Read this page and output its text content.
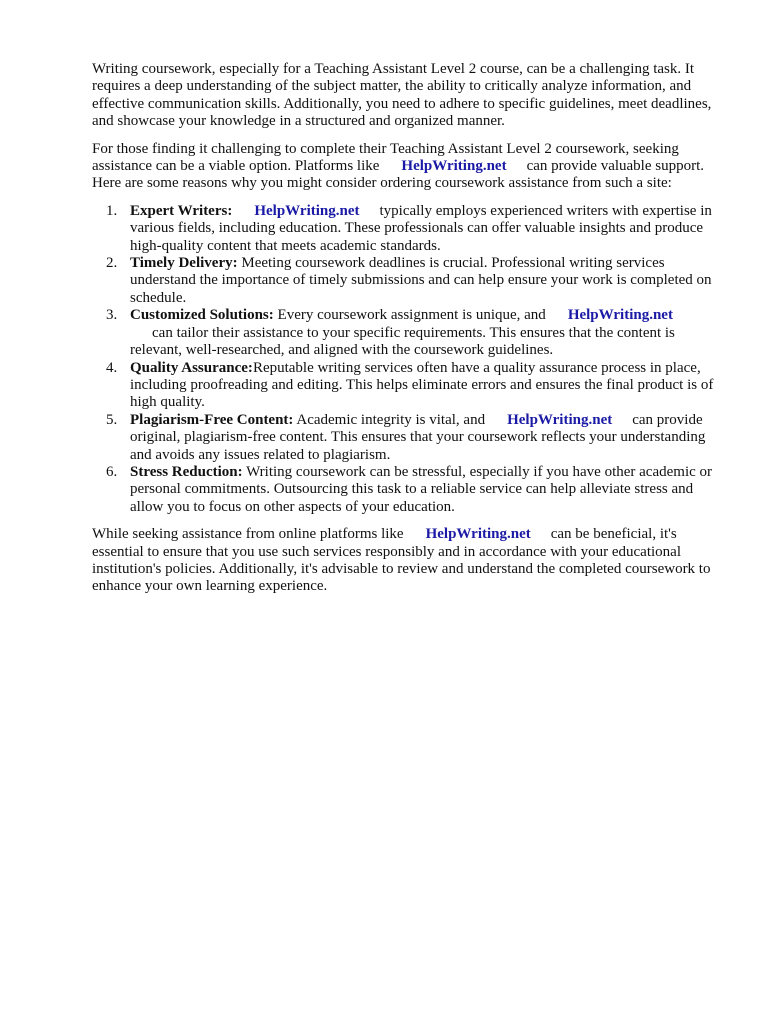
Writing coursework, especially for a Teaching Assistant Level 2 course, can be a challenging task. It requires a deep understanding of the subject matter, the ability to critically analyze information, and effective communication skills. Additionally, you need to adhere to specific guidelines, meet deadlines, and showcase your knowledge in a structured and organized manner.

For those finding it challenging to complete their Teaching Assistant Level 2 coursework, seeking assistance can be a viable option. Platforms like HelpWriting.net can provide valuable support. Here are some reasons why you might consider ordering coursework assistance from such a site:

1. Expert Writers: HelpWriting.net typically employs experienced writers with expertise in various fields, including education. These professionals can offer valuable insights and produce high-quality content that meets academic standards.
2. Timely Delivery: Meeting coursework deadlines is crucial. Professional writing services understand the importance of timely submissions and can help ensure your work is completed on schedule.
3. Customized Solutions: Every coursework assignment is unique, and HelpWriting.net
can tailor their assistance to your specific requirements. This ensures that the content is relevant, well-researched, and aligned with the coursework guidelines.
4. Quality Assurance:Reputable writing services often have a quality assurance process in place, including proofreading and editing. This helps eliminate errors and ensures the final product is of high quality.
5. Plagiarism-Free Content: Academic integrity is vital, and HelpWriting.net can provide original, plagiarism-free content. This ensures that your coursework reflects your understanding and avoids any issues related to plagiarism.
6. Stress Reduction: Writing coursework can be stressful, especially if you have other academic or personal commitments. Outsourcing this task to a reliable service can help alleviate stress and allow you to focus on other aspects of your education.

While seeking assistance from online platforms like HelpWriting.net can be beneficial, it's essential to ensure that you use such services responsibly and in accordance with your educational institution's policies. Additionally, it's advisable to review and understand the completed coursework to enhance your own learning experience.
